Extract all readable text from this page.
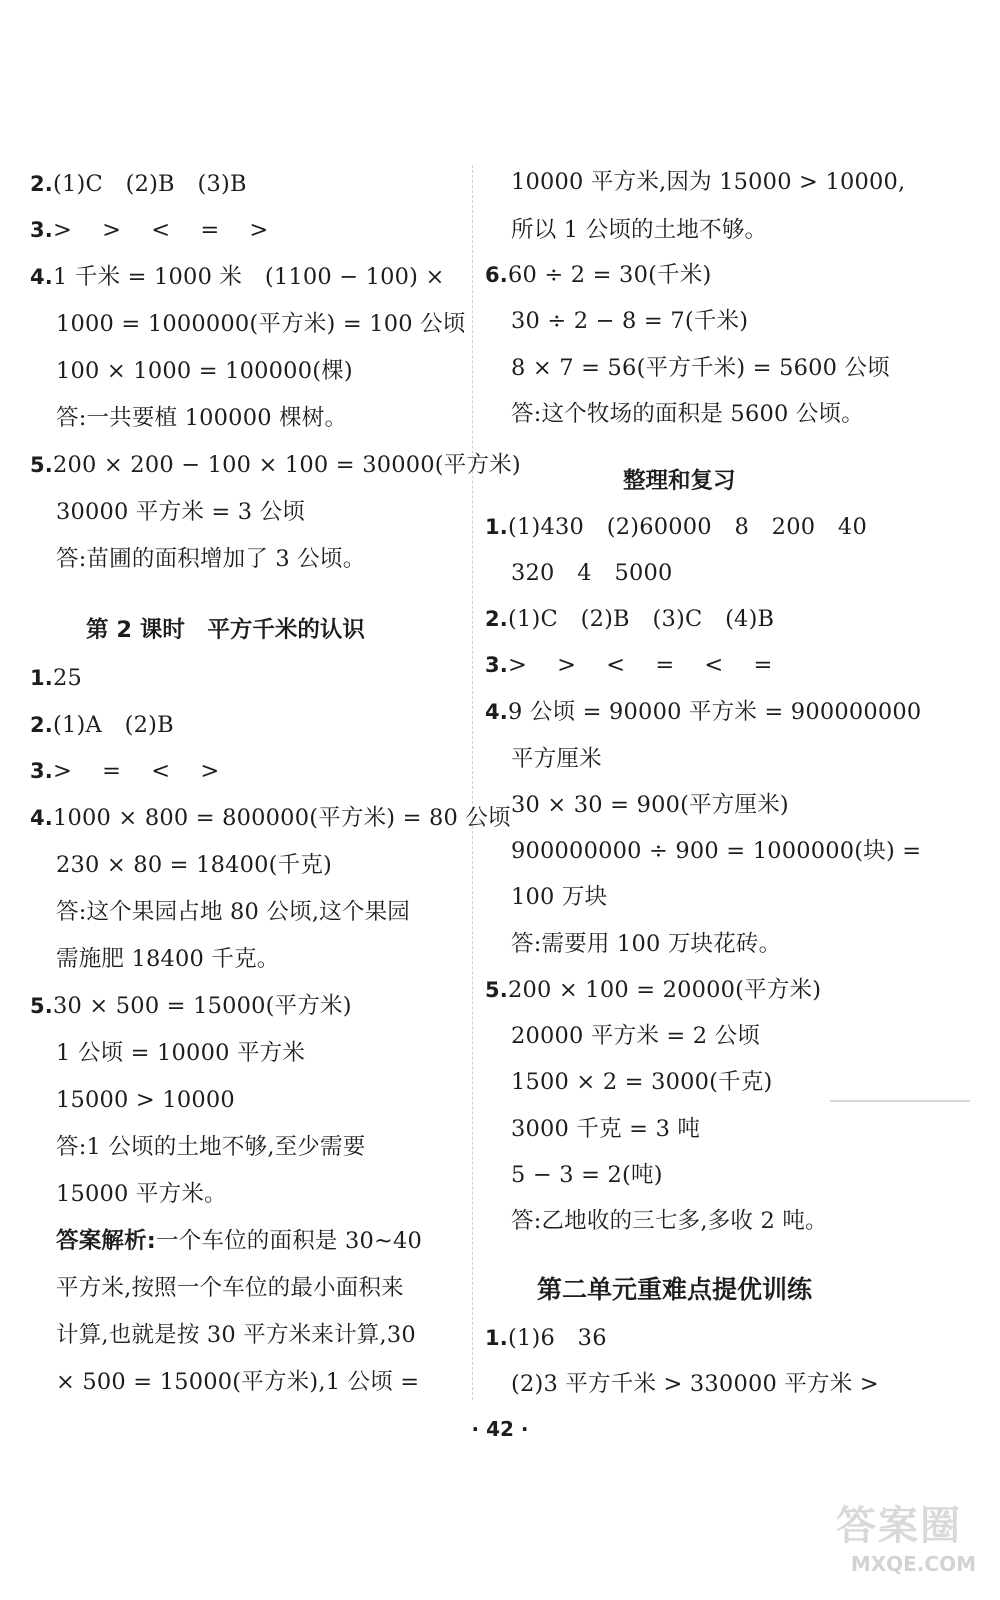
2.(1)C　(2)B　(3)B
3.>　 >　 <　 =　 >
4.1 千米 = 1000 米　(1100 − 100) ×
1000 = 1000000(平方米) = 100 公顷
100 × 1000 = 100000(棵)
答:一共要植 100000 棵树。
5.200 × 200 − 100 × 100 = 30000(平方米)
30000 平方米 = 3 公顷
答:苗圃的面积增加了 3 公顷。
第 2 课时　平方千米的认识
1.25
2.(1)A　(2)B
3.>　 =　 <　 >
4.1000 × 800 = 800000(平方米) = 80 公顷
230 × 80 = 18400(千克)
答:这个果园占地 80 公顷,这个果园
需施肥 18400 千克。
5.30 × 500 = 15000(平方米)
1 公顷 = 10000 平方米
15000 > 10000
答:1 公顷的土地不够,至少需要
15000 平方米。
答案解析:一个车位的面积是 30~40
平方米,按照一个车位的最小面积来
计算,也就是按 30 平方米来计算,30
× 500 = 15000(平方米),1 公顷 =
10000 平方米,因为 15000 > 10000,
所以 1 公顷的土地不够。
6.60 ÷ 2 = 30(千米)
30 ÷ 2 − 8 = 7(千米)
8 × 7 = 56(平方千米) = 5600 公顷
答:这个牧场的面积是 5600 公顷。
整理和复习
1.(1)430　(2)60000　8　200　40
320　4　5000
2.(1)C　(2)B　(3)C　(4)B
3.>　 >　 <　 =　 <　 =
4.9 公顷 = 90000 平方米 = 900000000
平方厘米
30 × 30 = 900(平方厘米)
900000000 ÷ 900 = 1000000(块) =
100 万块
答:需要用 100 万块花砖。
5.200 × 100 = 20000(平方米)
20000 平方米 = 2 公顷
1500 × 2 = 3000(千克)
3000 千克 = 3 吨
5 − 3 = 2(吨)
答:乙地收的三七多,多收 2 吨。
第二单元重难点提优训练
1.(1)6　36
(2)3 平方千米 > 330000 平方米 >
· 42 ·
答案圈
MXQE.COM
